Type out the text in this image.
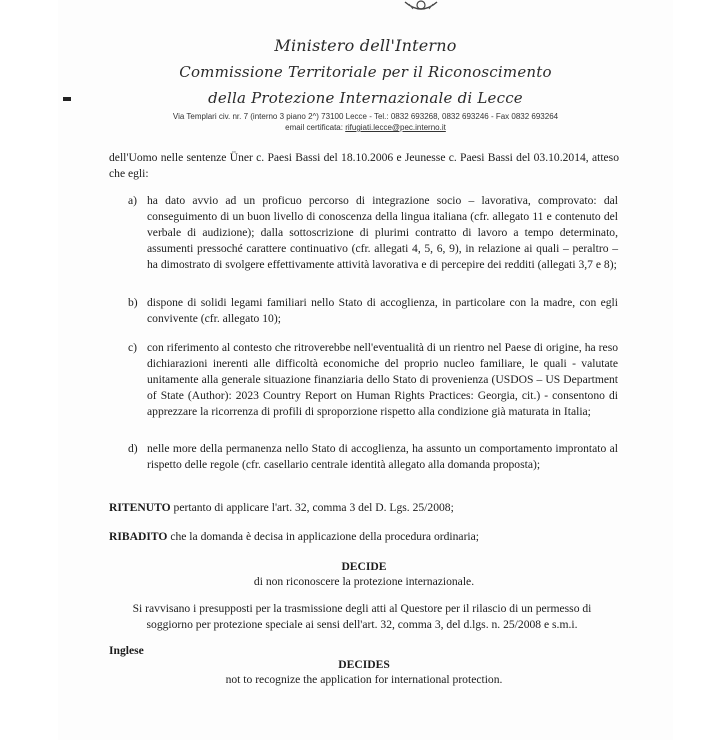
Ministero dell'Interno
Commissione Territoriale per il Riconoscimento
della Protezione Internazionale di Lecce
Via Templari civ. nr. 7 (interno 3 piano 2^) 73100 Lecce - Tel.: 0832 693268, 0832 693246 - Fax 0832 693264
email certificata: rifugiati.lecce@pec.interno.it
dell'Uomo nelle sentenze Üner c. Paesi Bassi del 18.10.2006 e Jeunesse c. Paesi Bassi del 03.10.2014, atteso che egli:
a) ha dato avvio ad un proficuo percorso di integrazione socio – lavorativa, comprovato: dal conseguimento di un buon livello di conoscenza della lingua italiana (cfr. allegato 11 e contenuto del verbale di audizione); dalla sottoscrizione di plurimi contratto di lavoro a tempo determinato, assumenti pressoché carattere continuativo (cfr. allegati 4, 5, 6, 9), in relazione ai quali – peraltro – ha dimostrato di svolgere effettivamente attività lavorativa e di percepire dei redditi (allegati 3,7 e 8);
b) dispone di solidi legami familiari nello Stato di accoglienza, in particolare con la madre, con egli convivente (cfr. allegato 10);
c) con riferimento al contesto che ritroverebbe nell'eventualità di un rientro nel Paese di origine, ha reso dichiarazioni inerenti alle difficoltà economiche del proprio nucleo familiare, le quali - valutate unitamente alla generale situazione finanziaria dello Stato di provenienza (USDOS – US Department of State (Author): 2023 Country Report on Human Rights Practices: Georgia, cit.) - consentono di apprezzare la ricorrenza di profili di sproporzione rispetto alla condizione già maturata in Italia;
d) nelle more della permanenza nello Stato di accoglienza, ha assunto un comportamento improntato al rispetto delle regole (cfr. casellario centrale identità allegato alla domanda proposta);
RITENUTO pertanto di applicare l'art. 32, comma 3 del D. Lgs. 25/2008;
RIBADITO che la domanda è decisa in applicazione della procedura ordinaria;
DECIDE
di non riconoscere la protezione internazionale.
Si ravvisano i presupposti per la trasmissione degli atti al Questore per il rilascio di un permesso di soggiorno per protezione speciale ai sensi dell'art. 32, comma 3, del d.lgs. n. 25/2008 e s.m.i.
Inglese
DECIDES
not to recognize the application for international protection.
